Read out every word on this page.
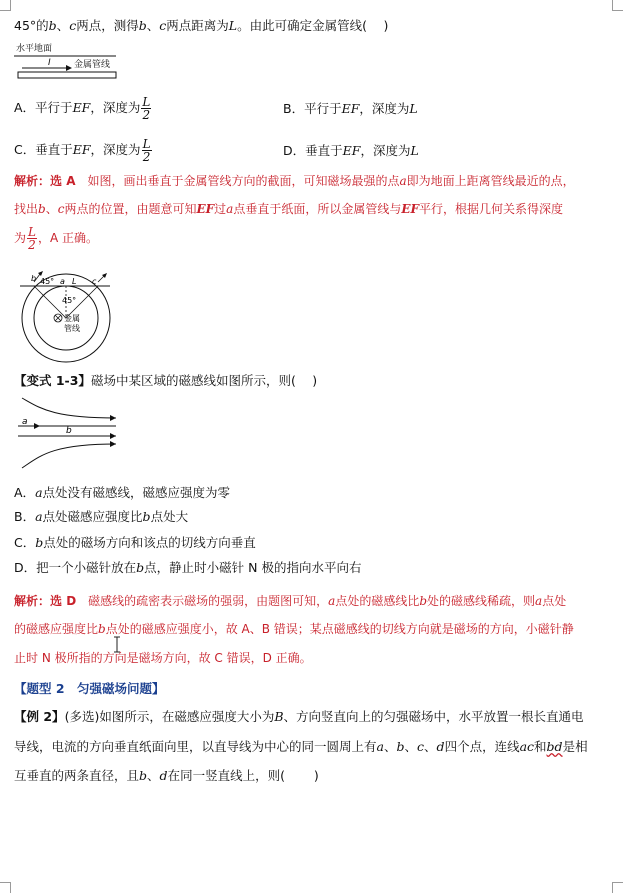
45°的b、c两点，测得b、c两点距离为L。由此可确定金属管线(　 )
水平地面
I	金属管线
A．平行于EF，深度为 $\frac{L}{2}$	B．平行于EF，深度为L
C．垂直于EF，深度为 $\frac{L}{2}$	D．垂直于EF，深度为L
解析：选 A　如图，画出垂直于金属管线方向的截面，可知磁场最强的点a即为地面上距离管线最近的点，
找出b、c两点的位置，由题意可知EF过a点垂直于纸面，所以金属管线与EF平行，根据几何关系得深度
为 $\frac{L}{2}$ ，A 正确。
b 45° a L c
45°
金属
管线
【变式 1-3】磁场中某区域的磁感线如图所示，则(　 )
a
b
A．a点处没有磁感线，磁感应强度为零
B．a点处磁感应强度比b点处大
C．b点处的磁场方向和该点的切线方向垂直
D．把一个小磁针放在b点，静止时小磁针 N 极的指向水平向右
解析：选 D　磁感线的疏密表示磁场的强弱，由题图可知，a点处的磁感线比b处的磁感线稀疏，则a点处
的磁感应强度比b点处的磁感应强度小，故 A、B 错误；某点磁感线的切线方向就是磁场的方向，小磁针静
止时 N 极所指的方向是磁场方向，故 C 错误，D 正确。
【题型 2　匀强磁场问题】
【例 2】(多选)如图所示，在磁感应强度大小为B、方向竖直向上的匀强磁场中，水平放置一根长直通电
导线，电流的方向垂直纸面向里，以直导线为中心的同一圆周上有a、b、c、d四个点，连线ac和bd是相
互垂直的两条直径，且b、d在同一竖直线上，则(　 　)
